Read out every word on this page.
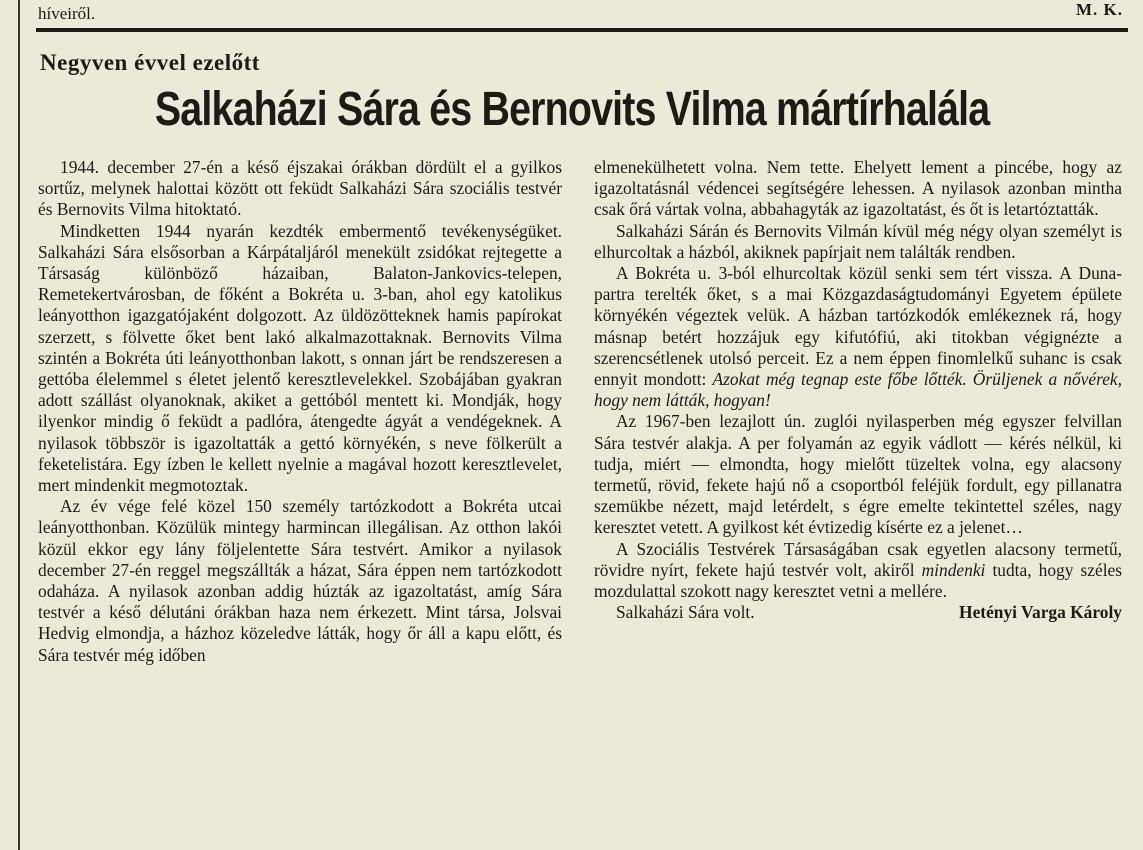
híveiről.	M. K.
Negyven évvel ezelőtt
Salkaházi Sára és Bernovits Vilma mártírhalála

1944. december 27-én a késő éjszakai órákban dördült el a gyilkos sortűz, melynek halottai között ott feküdt Salkaházi Sára szociális testvér és Bernovits Vilma hitoktató.

Mindketten 1944 nyarán kezdték embermentő tevékenységüket. Salkaházi Sára elsősorban a Kárpátaljáról menekült zsidókat rejtegette a Társaság különböző házaiban, Balaton-Jankovics-telepen, Remetekertvárosban, de főként a Bokréta u. 3-ban, ahol egy katolikus leányotthon igazgatójaként dolgozott. Az üldözötteknek hamis papírokat szerzett, s fölvette őket bent lakó alkalmazottaknak. Bernovits Vilma szintén a Bokréta úti leányotthonban lakott, s onnan járt be rendszeresen a gettóba élelemmel s életet jelentő keresztlevelekkel. Szobájában gyakran adott szállást olyanoknak, akiket a gettóból mentett ki. Mondják, hogy ilyenkor mindig ő feküdt a padlóra, átengedte ágyát a vendégeknek. A nyilasok többször is igazoltatták a gettó környékén, s neve fölkerült a feketelistára. Egy ízben le kellett nyelnie a magával hozott keresztlevelet, mert mindenkit megmotoztak.

Az év vége felé közel 150 személy tartózkodott a Bokréta utcai leányotthonban. Közülük mintegy harmincan illegálisan. Az otthon lakói közül ekkor egy lány följelentette Sára testvért. Amikor a nyilasok december 27-én reggel megszállták a házat, Sára éppen nem tartózkodott odaháza. A nyilasok azonban addig húzták az igazoltatást, amíg Sára testvér a késő délutáni órákban haza nem érkezett. Mint társa, Jolsvai Hedvig elmondja, a házhoz közeledve látták, hogy őr áll a kapu előtt, és Sára testvér még időben

elmenekülhetett volna. Nem tette. Ehelyett lement a pincébe, hogy az igazoltatásnál védencei segítségére lehessen. A nyilasok azonban mintha csak őrá vártak volna, abbahagyták az igazoltatást, és őt is letartóztatták.

Salkaházi Sárán és Bernovits Vilmán kívül még négy olyan személyt is elhurcoltak a házból, akiknek papírjait nem találták rendben.

A Bokréta u. 3-ból elhurcoltak közül senki sem tért vissza. A Duna-partra terelték őket, s a mai Közgazdaságtudományi Egyetem épülete környékén végeztek velük. A házban tartózkodók emlékeznek rá, hogy másnap betért hozzájuk egy kifutófiú, aki titokban végignézte a szerencsétlenek utolsó perceit. Ez a nem éppen finomlelkű suhanc is csak ennyit mondott: Azokat még tegnap este főbe lőtték. Örüljenek a nővérek, hogy nem látták, hogyan!

Az 1967-ben lezajlott ún. zuglói nyilasperben még egyszer felvillan Sára testvér alakja. A per folyamán az egyik vádlott — kérés nélkül, ki tudja, miért — elmondta, hogy mielőtt tüzeltek volna, egy alacsony termetű, rövid, fekete hajú nő a csoportból feléjük fordult, egy pillanatra szemükbe nézett, majd letérdelt, s égre emelte tekintettel széles, nagy keresztet vetett. A gyilkost két évtizedig kísérte ez a jelenet…

A Szociális Testvérek Társaságában csak egyetlen alacsony termetű, rövidre nyírt, fekete hajú testvér volt, akiről mindenki tudta, hogy széles mozdulattal szokott nagy keresztet vetni a mellére.

Salkaházi Sára volt.	Hetényi Varga Károly
